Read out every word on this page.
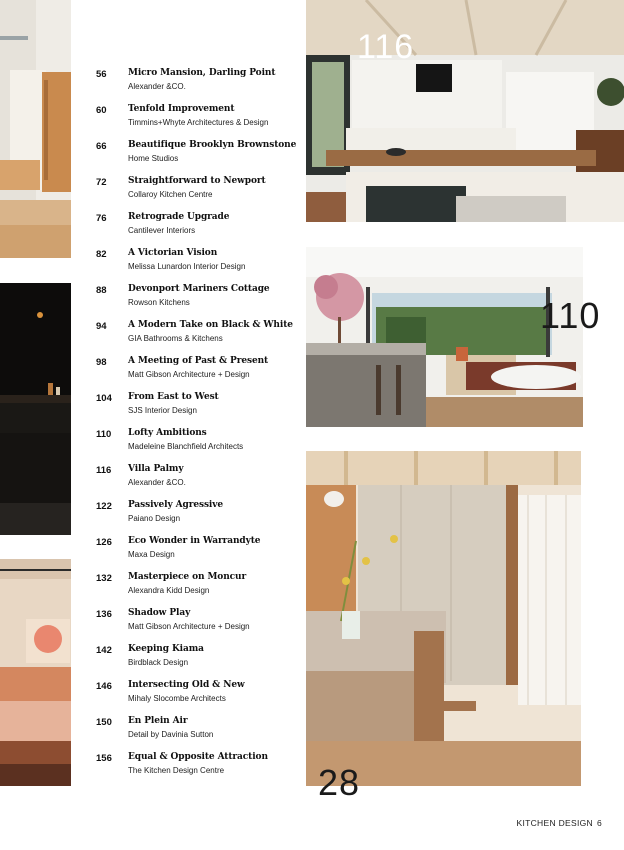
116
110
28
56	Micro Mansion, Darling Point
Alexander &CO.
60	Tenfold Improvement
Timmins+Whyte Architectures & Design
66	Beautifique Brooklyn Brownstone
Home Studios
72	Straightforward to Newport
Collaroy Kitchen Centre
76	Retrograde Upgrade
Cantilever Interiors
82	A Victorian Vision
Melissa Lunardon Interior Design
88	Devonport Mariners Cottage
Rowson Kitchens
94	A Modern Take on Black & White
GIA Bathrooms & Kitchens
98	A Meeting of Past & Present
Matt Gibson Architecture + Design
104	From East to West
SJS Interior Design
110	Lofty Ambitions
Madeleine Blanchfield Architects
116	Villa Palmy
Alexander &CO.
122	Passively Agressive
Paiano Design
126	Eco Wonder in Warrandyte
Maxa Design
132	Masterpiece on Moncur
Alexandra Kidd Design
136	Shadow Play
Matt Gibson Architecture + Design
142	Keeping Kiama
Birdblack Design
146	Intersecting Old & New
Mihaly Slocombe Architects
150	En Plein Air
Detail by Davinia Sutton
156	Equal & Opposite Attraction
The Kitchen Design Centre
KITCHEN DESIGN 6
